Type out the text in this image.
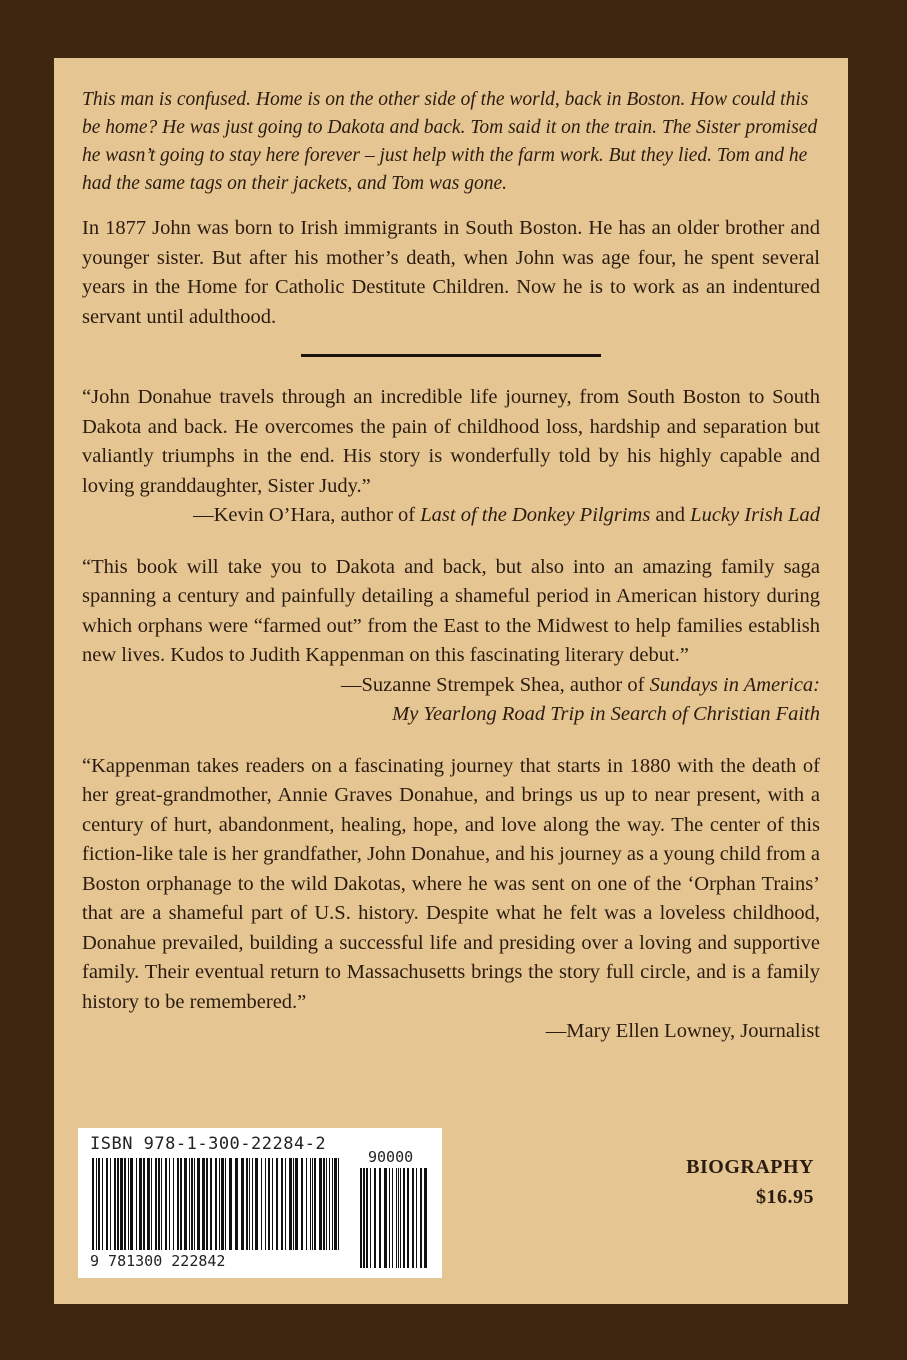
This man is confused. Home is on the other side of the world, back in Boston. How could this be home? He was just going to Dakota and back. Tom said it on the train. The Sister promised he wasn’t going to stay here forever – just help with the farm work. But they lied. Tom and he had the same tags on their jackets, and Tom was gone.

In 1877 John was born to Irish immigrants in South Boston. He has an older brother and younger sister. But after his mother’s death, when John was age four, he spent several years in the Home for Catholic Destitute Children. Now he is to work as an indentured servant until adulthood.

“John Donahue travels through an incredible life journey, from South Boston to South Dakota and back. He overcomes the pain of childhood loss, hardship and separation but valiantly triumphs in the end. His story is wonderfully told by his highly capable and loving granddaughter, Sister Judy.”

—Kevin O’Hara, author of Last of the Donkey Pilgrims and Lucky Irish Lad

“This book will take you to Dakota and back, but also into an amazing family saga spanning a century and painfully detailing a shameful period in American history during which orphans were “farmed out” from the East to the Midwest to help families establish new lives. Kudos to Judith Kappenman on this fascinating literary debut.”

—Suzanne Strempek Shea, author of Sundays in America:
My Yearlong Road Trip in Search of Christian Faith

“Kappenman takes readers on a fascinating journey that starts in 1880 with the death of her great-grandmother, Annie Graves Donahue, and brings us up to near present, with a century of hurt, abandonment, healing, hope, and love along the way. The center of this fiction-like tale is her grandfather, John Donahue, and his journey as a young child from a Boston orphanage to the wild Dakotas, where he was sent on one of the ‘Orphan Trains’ that are a shameful part of U.S. history. Despite what he felt was a loveless childhood, Donahue prevailed, building a successful life and presiding over a loving and supportive family. Their eventual return to Massachusetts brings the story full circle, and is a family history to be remembered.”

—Mary Ellen Lowney, Journalist
ISBN 978-1-300-22284-2
9 781300 222842
90000	BIOGRAPHY
$16.95
